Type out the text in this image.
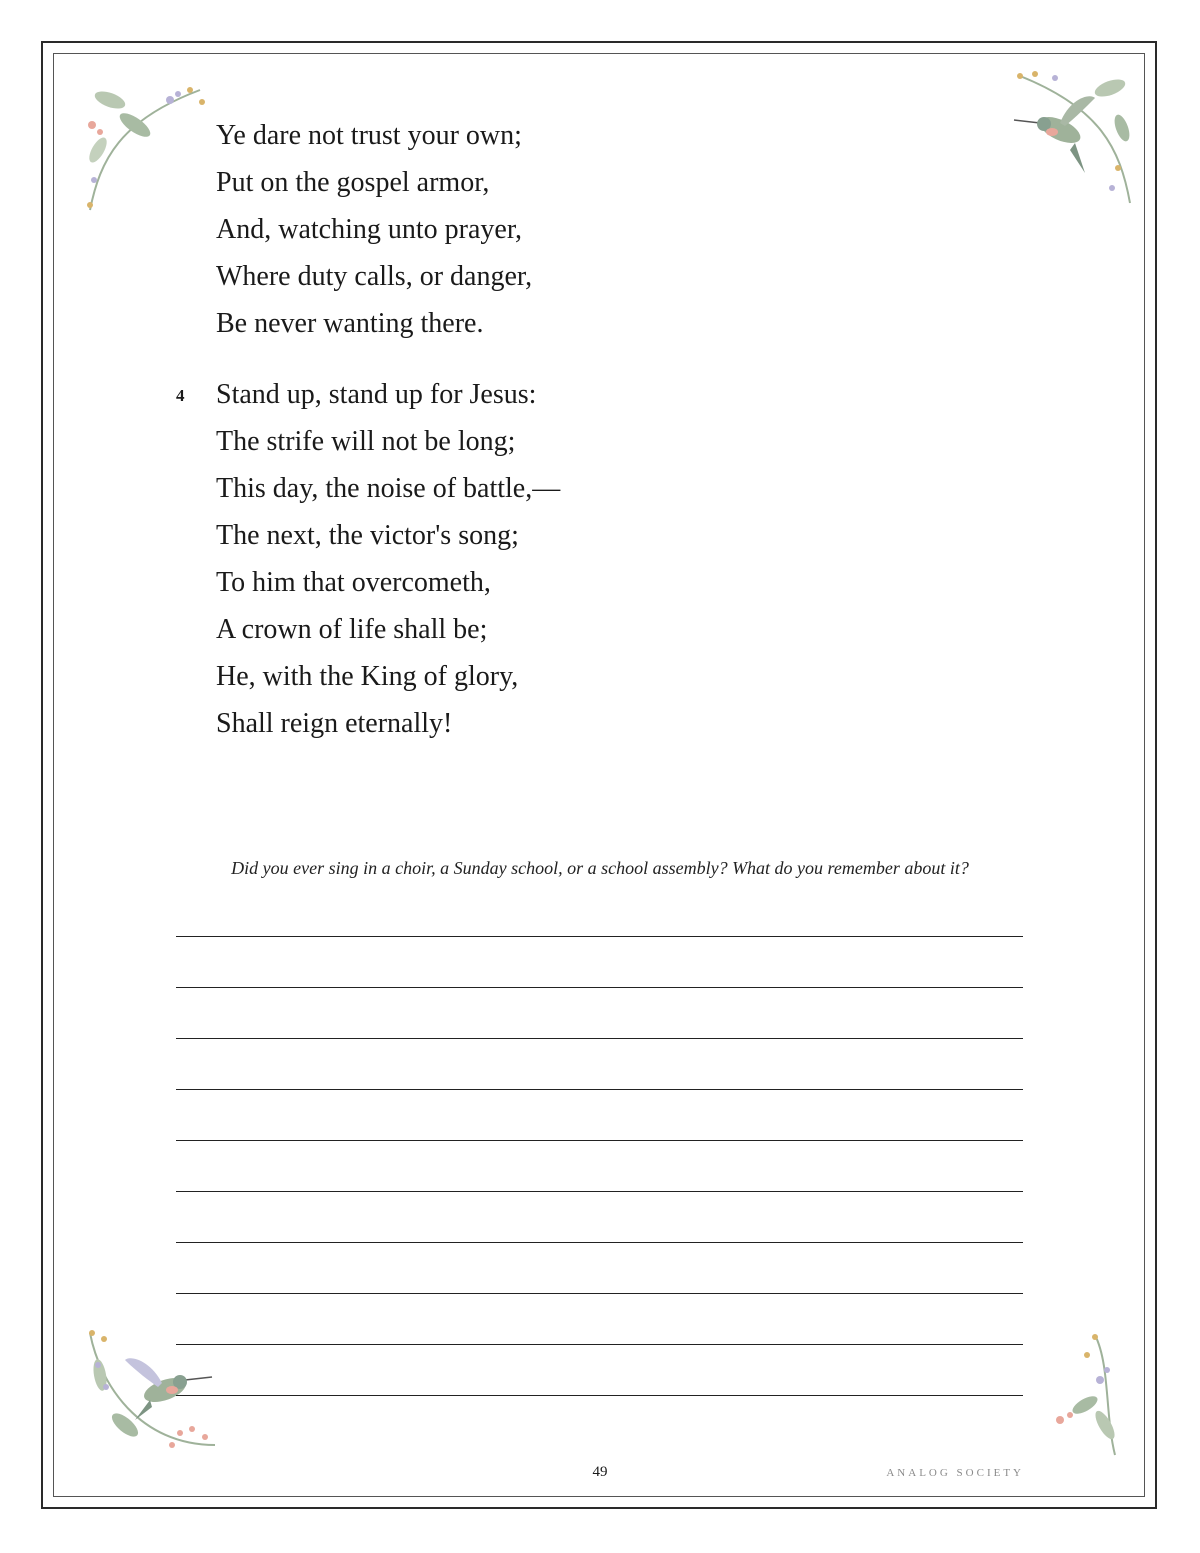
Ye dare not trust your own;
Put on the gospel armor,
And, watching unto prayer,
Where duty calls, or danger,
Be never wanting there.
4 Stand up, stand up for Jesus:
The strife will not be long;
This day, the noise of battle,—
The next, the victor's song;
To him that overcometh,
A crown of life shall be;
He, with the King of glory,
Shall reign eternally!
Did you ever sing in a choir, a Sunday school, or a school assembly? What do you remember about it?
49	ANALOG SOCIETY
